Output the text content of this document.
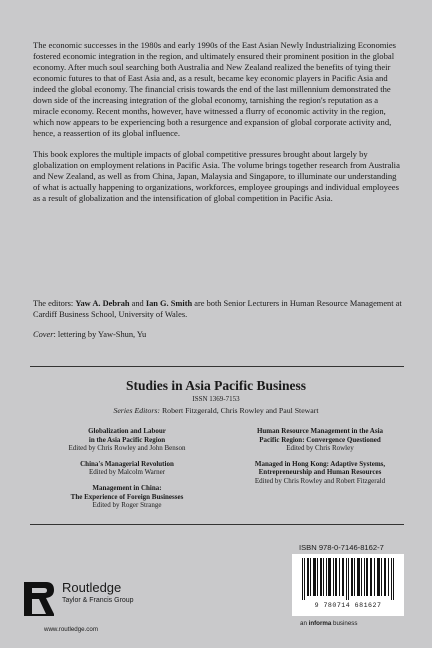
The economic successes in the 1980s and early 1990s of the East Asian Newly Industrializing Economies fostered economic integration in the region, and ultimately ensured their prominent position in the global economy. After much soul searching both Australia and New Zealand realized the benefits of tying their economic futures to that of East Asia and, as a result, became key economic players in Pacific Asia and indeed the global economy. The financial crisis towards the end of the last millennium demonstrated the down side of the increasing integration of the global economy, tarnishing the region's reputation as a miracle economy. Recent months, however, have witnessed a flurry of economic activity in the region, which now appears to be experiencing both a resurgence and expansion of global corporate activity and, hence, a reassertion of its global influence.

This book explores the multiple impacts of global competitive pressures brought about largely by globalization on employment relations in Pacific Asia. The volume brings together research from Australia and New Zealand, as well as from China, Japan, Malaysia and Singapore, to illuminate our understanding of what is actually happening to organizations, workforces, employee groupings and individual employees as a result of globalization and the intensification of global competition in Pacific Asia.

The editors: Yaw A. Debrah and Ian G. Smith are both Senior Lecturers in Human Resource Management at Cardiff Business School, University of Wales.
Cover: lettering by Yaw-Shun, Yu
Studies in Asia Pacific Business
ISSN 1369-7153
Series Editors: Robert Fitzgerald, Chris Rowley and Paul Stewart
Globalization and Labour
in the Asia Pacific Region
Edited by Chris Rowley and John Benson
China's Managerial Revolution
Edited by Malcolm Warner
Management in China:
The Experience of Foreign Businesses
Edited by Roger Strange
Human Resource Management in the Asia
Pacific Region: Convergence Questioned
Edited by Chris Rowley
Managed in Hong Kong: Adaptive Systems,
Entrepreneurship and Human Resources
Edited by Chris Rowley and Robert Fitzgerald
ISBN 978-0-7146-8162-7
9 780714 681627
an informa business
Routledge
Taylor & Francis Group
www.routledge.com
